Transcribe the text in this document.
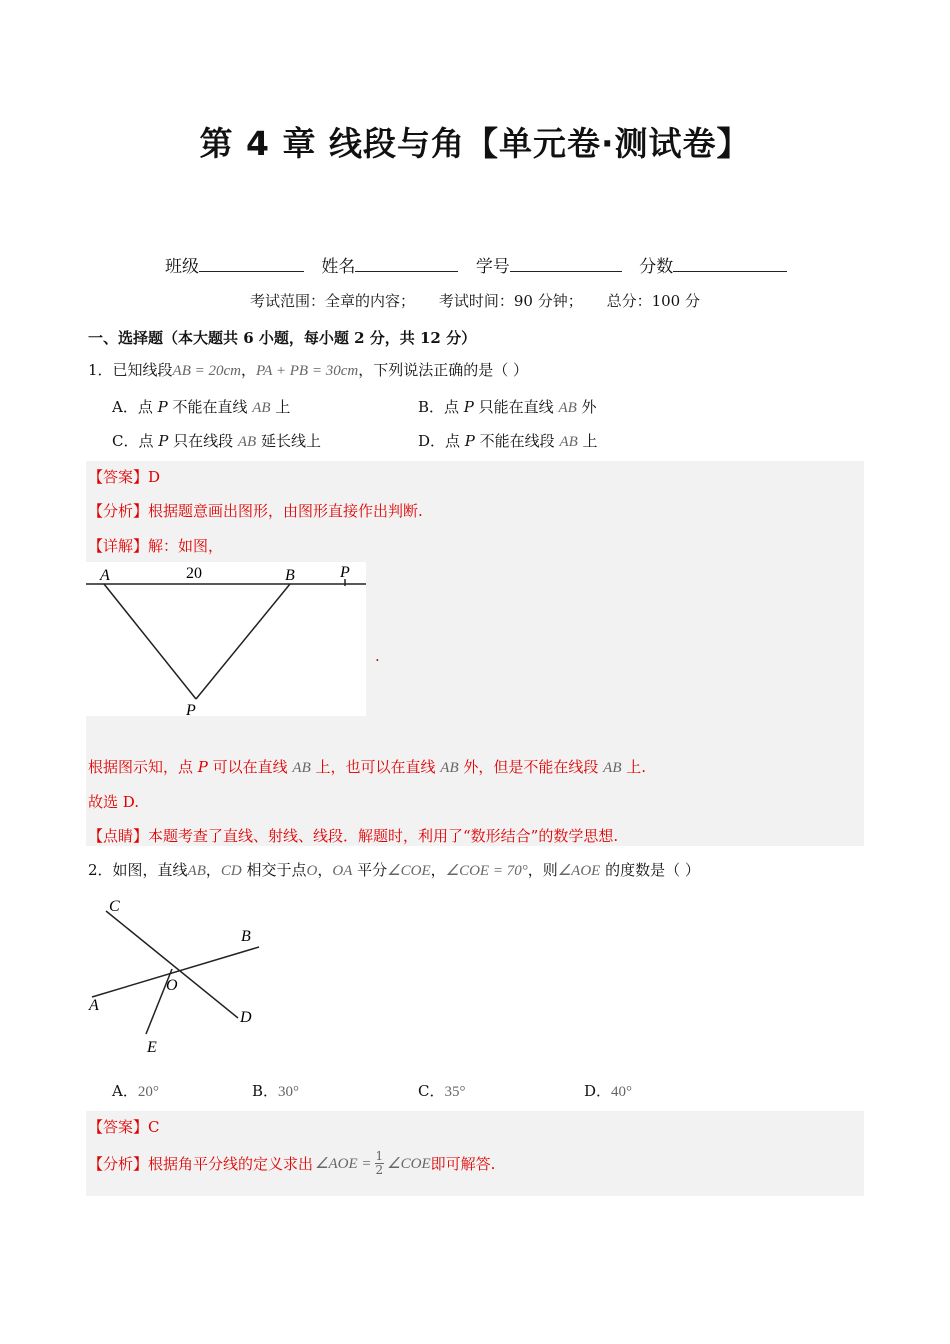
第 4 章 线段与角【单元卷·测试卷】
班级	姓名	学号	分数
考试范围：全章的内容；     考试时间：90 分钟；     总分：100 分
一、选择题（本大题共 6 小题，每小题 2 分，共 12 分）
1．已知线段AB = 20cm，PA + PB = 30cm，下列说法正确的是（ ）
A．点 P 不能在直线 AB 上	B．点 P 只能在直线 AB 外
C．点 P 只在线段 AB 延长线上	D．点 P 不能在线段 AB 上
【答案】D
【分析】根据题意画出图形，由图形直接作出判断.
【详解】解：如图，
A	20	B	P
P
.
根据图示知，点 P 可以在直线 AB 上，也可以在直线 AB 外，但是不能在线段 AB 上.
故选 D.
【点睛】本题考查了直线、射线、线段．解题时，利用了“数形结合”的数学思想.
2．如图，直线AB，CD 相交于点O，OA 平分∠COE，∠COE = 70°，则∠AOE 的度数是（ ）
C
B
O
A
D
E
A．20°	B．30°	C．35°	D．40°
【答案】C
【分析】 根据角平分线的定义求出 ∠AOE = $\frac{1}{2}$ ∠COE 即可解答.
